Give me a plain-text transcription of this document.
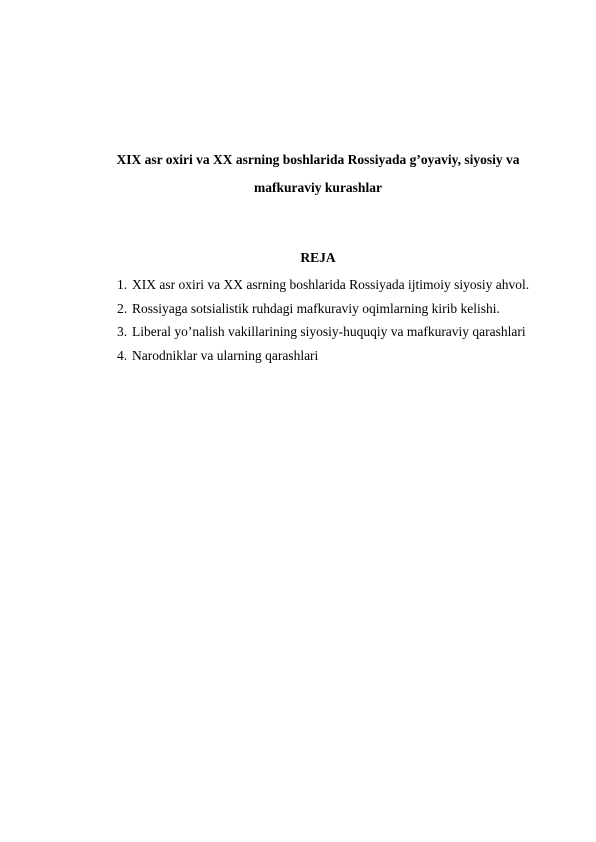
XIX asr oxiri va XX asrning boshlarida Rossiyada g’oyaviy, siyosiy va

mafkuraviy kurashlar

REJA

1. XIX asr oxiri va XX asrning boshlarida Rossiyada ijtimoiy siyosiy ahvol.
2. Rossiyaga sotsialistik ruhdagi mafkuraviy oqimlarning kirib kelishi.
3. Liberal yo’nalish vakillarining siyosiy-huquqiy va mafkuraviy qarashlari
4. Narodniklar va ularning qarashlari
